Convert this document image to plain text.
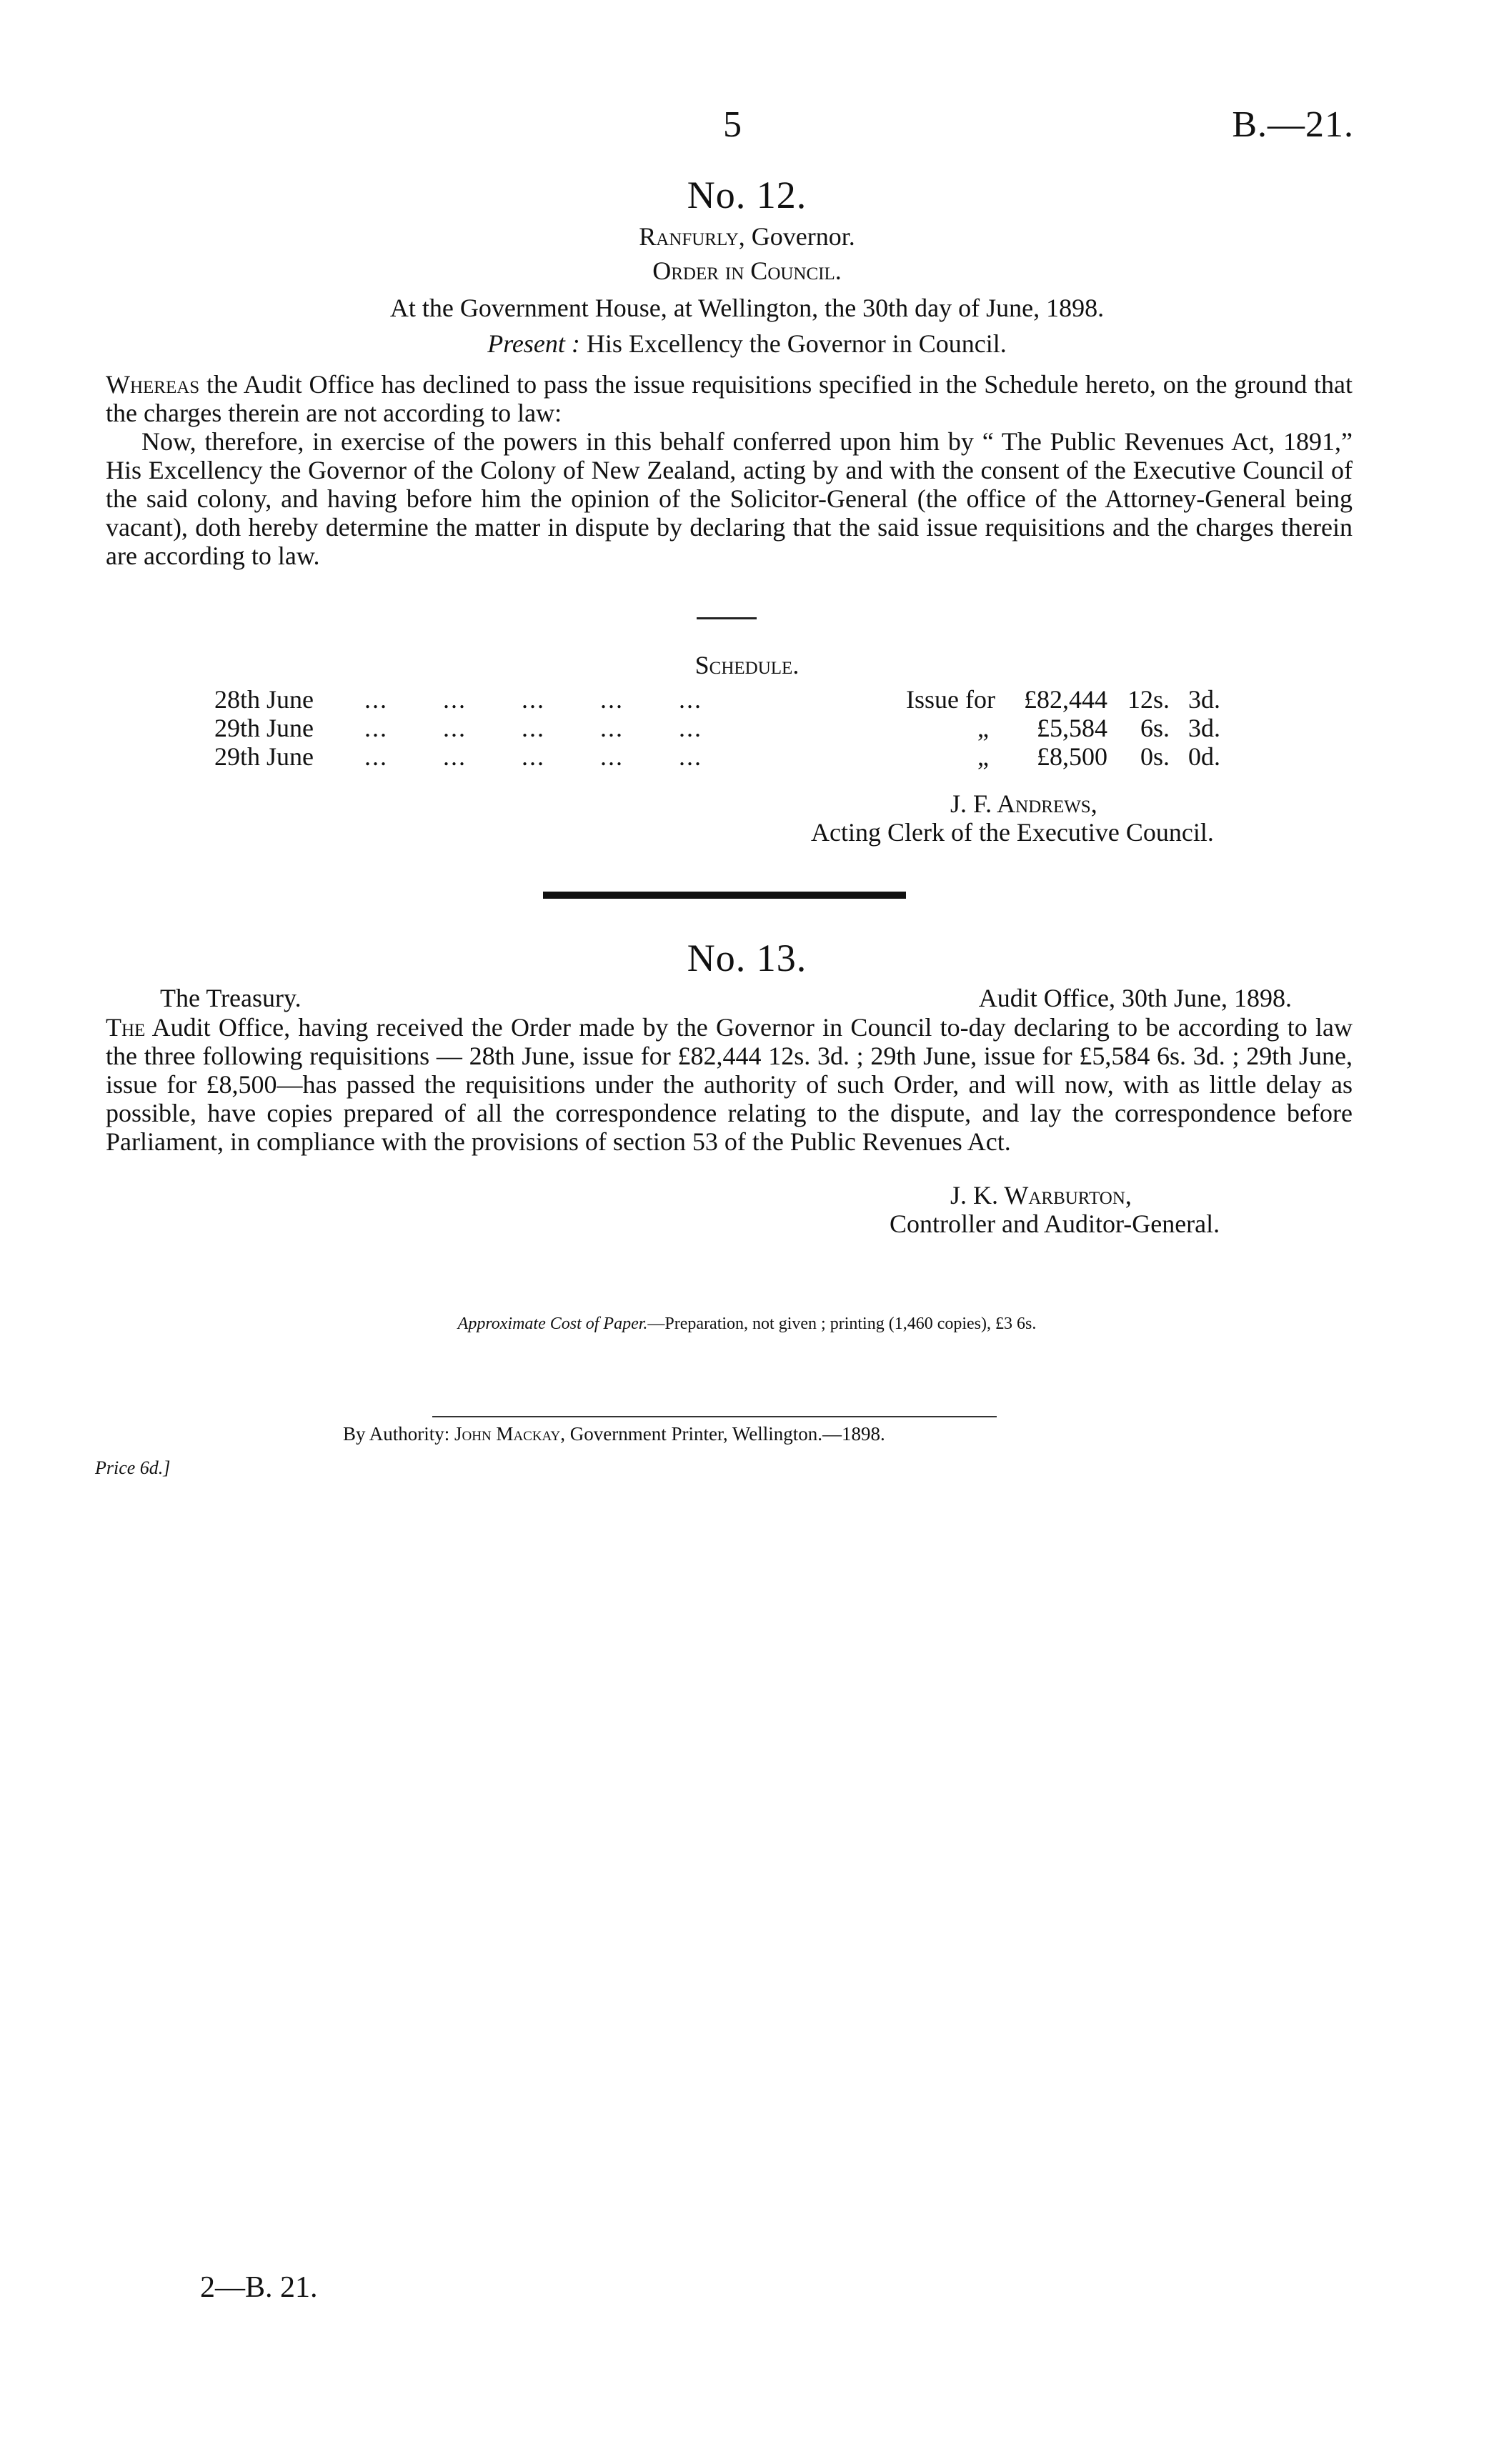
5	B.—21.
No. 12.
Ranfurly, Governor.
Order in Council.
At the Government House, at Wellington, the 30th day of June, 1898.
Present : His Excellency the Governor in Council.
Whereas the Audit Office has declined to pass the issue requisitions specified in the Schedule hereto, on the ground that the charges therein are not according to law:
Now, therefore, in exercise of the powers in this behalf conferred upon him by “ The Public Revenues Act, 1891,” His Excellency the Governor of the Colony of New Zealand, acting by and with the consent of the Executive Council of the said colony, and having before him the opinion of the Solicitor-General (the office of the Attorney-General being vacant), doth hereby determine the matter in dispute by declaring that the said issue requisitions and the charges therein are according to law.
Schedule.
28th June ...       ...       ...       ...       ...	Issue for	£82,444 12s. 3d.
29th June ...       ...       ...       ...       ...	„	£5,584	6s. 3d.
29th June ...       ...       ...       ...       ...	„	£8,500	0s. 0d.
J. F. Andrews,
Acting Clerk of the Executive Council.
No. 13.
The Treasury.	Audit Office, 30th June, 1898.
The Audit Office, having received the Order made by the Governor in Council to-day declaring to be according to law the three following requisitions — 28th June, issue for £82,444 12s. 3d. ; 29th June, issue for £5,584 6s. 3d. ; 29th June, issue for £8,500—has passed the requisitions under the authority of such Order, and will now, with as little delay as possible, have copies prepared of all the correspondence relating to the dispute, and lay the correspondence before Parliament, in compliance with the provisions of section 53 of the Public Revenues Act.
J. K. Warburton,
Controller and Auditor-General.
Approximate Cost of Paper.—Preparation, not given ; printing (1,460 copies), £3 6s.
By Authority: John Mackay, Government Printer, Wellington.—1898.
Price 6d.]
2—B. 21.
